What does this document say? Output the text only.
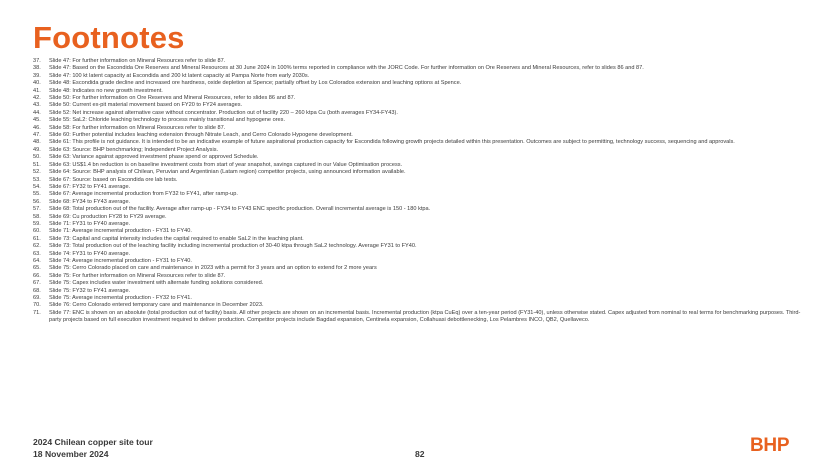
Footnotes
37.	Slide 47: For further information on Mineral Resources refer to slide 87.
38.	Slide 47: Based on the Escondida Ore Reserves and Mineral Resources at 30 June 2024 in 100% terms reported in compliance with the JORC Code. For further information on Ore Reserves and Mineral Resources, refer to slides 86 and 87.
39.	Slide 47: 100 kt latent capacity at Escondida and 200 kt latent capacity at Pampa Norte from early 2030s.
40.	Slide 48: Escondida grade decline and increased ore hardness, oxide depletion at Spence; partially offset by Los Colorados extension and leaching options at Spence.
41.	Slide 48: Indicates no new growth investment.
42.	Slide 50: For further information on Ore Reserves and Mineral Resources, refer to slides 86 and 87.
43.	Slide 50: Current ex-pit material movement based on FY20 to FY24 averages.
44.	Slide 52: Net increase against alternative case without concentrator. Production out of facility 220 – 260 ktpa Cu (both averages FY34-FY43).
45.	Slide 55: SaL2: Chloride leaching technology to process mainly transitional and hypogene ores.
46.	Slide 58: For further information on Mineral Resources refer to slide 87.
47.	Slide 60: Further potential includes leaching extension through Nitrate Leach, and Cerro Colorado Hypogene development.
48.	Slide 61: This profile is not guidance. It is intended to be an indicative example of future aspirational production capacity for Escondida following growth projects detailed within this presentation. Outcomes are subject to permitting, technology success, sequencing and approvals.
49.	Slide 63: Source: BHP benchmarking; Independent Project Analysis.
50.	Slide 63: Variance against approved investment phase spend or approved Schedule.
51.	Slide 63: US$1.4 bn reduction is on baseline investment costs from start of year snapshot, savings captured in our Value Optimisation process.
52.	Slide 64: Source: BHP analysis of Chilean, Peruvian and Argentinian (Latam region) competitor projects, using announced information available.
53.	Slide 67: Source: based on Escondida ore lab tests.
54.	Slide 67: FY32 to FY41 average.
55.	Slide 67: Average incremental production from FY32 to FY41, after ramp-up.
56.	Slide 68: FY34 to FY43 average.
57.	Slide 68: Total production out of the facility. Average after ramp-up - FY34 to FY43 ENC specific production. Overall incremental average is 150 - 180 ktpa.
58.	Slide 69: Cu production FY28 to FY29 average.
59.	Slide 71: FY31 to FY40 average.
60.	Slide 71: Average incremental production - FY31 to FY40.
61.	Slide 73: Capital and capital intensity includes the capital required to enable SaL2 in the leaching plant.
62.	Slide 73: Total production out of the leaching facility including incremental production of 30-40 ktpa through SaL2 technology. Average FY31 to FY40.
63.	Slide 74: FY31 to FY40 average.
64.	Slide 74: Average incremental production - FY31 to FY40.
65.	Slide 75: Cerro Colorado placed on care and maintenance in 2023 with a permit for 3 years and an option to extend for 2 more years
66.	Slide 75: For further information on Mineral Resources refer to slide 87.
67.	Slide 75: Capex includes water investment with alternate funding solutions considered.
68.	Slide 75: FY32 to FY41 average.
69.	Slide 75: Average incremental production - FY32 to FY41.
70.	Slide 76: Cerro Colorado entered temporary care and maintenance in December 2023.
71.	Slide 77: ENC is shown on an absolute (total production out of facility) basis. All other projects are shown on an incremental basis. Incremental production (ktpa CuEq) over a ten-year period (FY31-40), unless otherwise stated. Capex adjusted from nominal to real terms for benchmarking purposes. Third-party projects based on full execution investment required to deliver production. Competitor projects include Bagdad expansion, Centinela expansion, Collahuasi debottlenecking, Los Pelambres INCO, QB2, Quellaveco.
2024 Chilean copper site tour
18 November 2024	82	BHP
